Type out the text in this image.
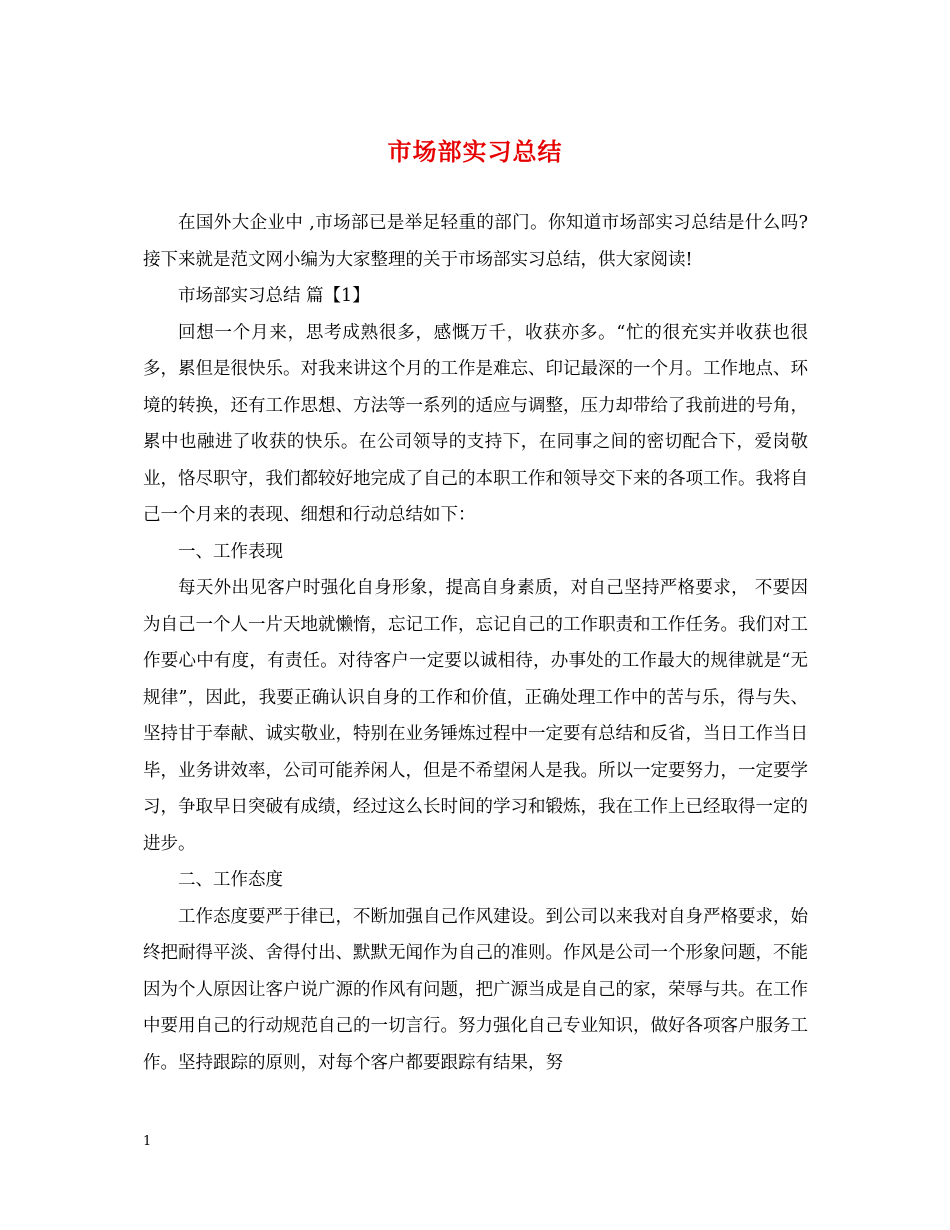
市场部实习总结

在国外大企业中 ,市场部已是举足轻重的部门。你知道市场部实习总结是什么吗?接下来就是范文网小编为大家整理的关于市场部实习总结，供大家阅读!

市场部实习总结 篇【1】

回想一个月来，思考成熟很多，感慨万千，收获亦多。“忙的很充实并收获也很多，累但是很快乐。对我来讲这个月的工作是难忘、印记最深的一个月。工作地点、环境的转换，还有工作思想、方法等一系列的适应与调整，压力却带给了我前进的号角，累中也融进了收获的快乐。在公司领导的支持下，在同事之间的密切配合下，爱岗敬业，恪尽职守，我们都较好地完成了自己的本职工作和领导交下来的各项工作。我将自己一个月来的表现、细想和行动总结如下：

一、工作表现

每天外出见客户时强化自身形象，提高自身素质，对自己坚持严格要求， 不要因为自己一个人一片天地就懒惰，忘记工作，忘记自己的工作职责和工作任务。我们对工作要心中有度，有责任。对待客户一定要以诚相待，办事处的工作最大的规律就是“无规律”，因此，我要正确认识自身的工作和价值，正确处理工作中的苦与乐，得与失、坚持甘于奉献、诚实敬业，特别在业务锤炼过程中一定要有总结和反省，当日工作当日毕，业务讲效率，公司可能养闲人，但是不希望闲人是我。所以一定要努力，一定要学习，争取早日突破有成绩，经过这么长时间的学习和锻炼，我在工作上已经取得一定的进步。

二、工作态度

工作态度要严于律已，不断加强自己作风建设。到公司以来我对自身严格要求，始终把耐得平淡、舍得付出、默默无闻作为自己的准则。作风是公司一个形象问题，不能因为个人原因让客户说广源的作风有问题，把广源当成是自己的家，荣辱与共。在工作中要用自己的行动规范自己的一切言行。努力强化自己专业知识，做好各项客户服务工作。坚持跟踪的原则，对每个客户都要跟踪有结果，努

1
